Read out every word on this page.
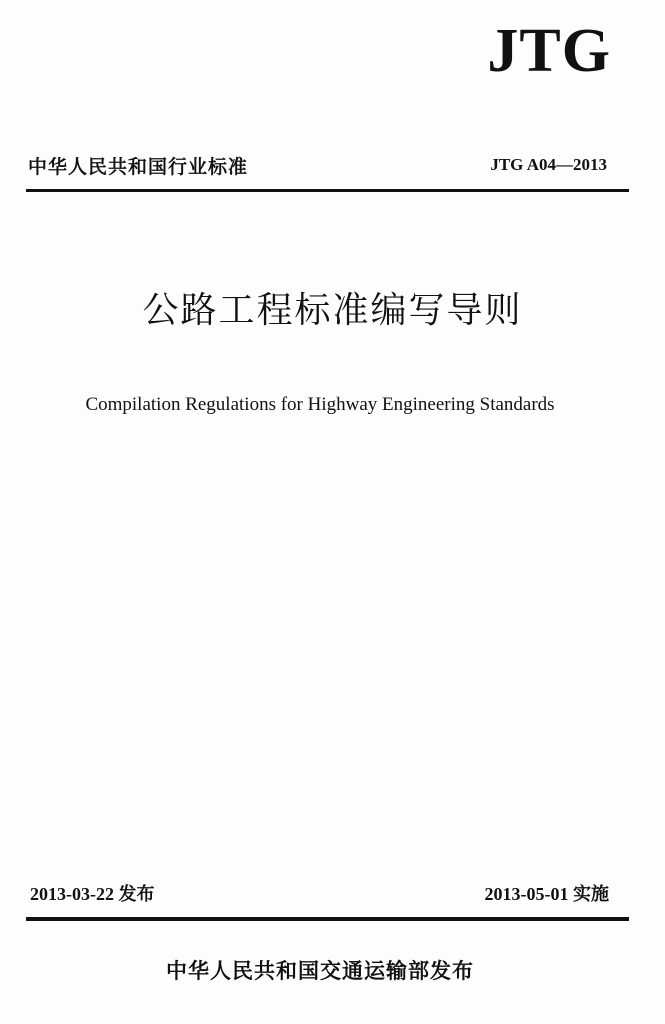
JTG
中华人民共和国行业标准	JTG A04—2013
公路工程标准编写导则
Compilation Regulations for Highway Engineering Standards
2013-03-22 发布	2013-05-01 实施
中华人民共和国交通运输部发布
